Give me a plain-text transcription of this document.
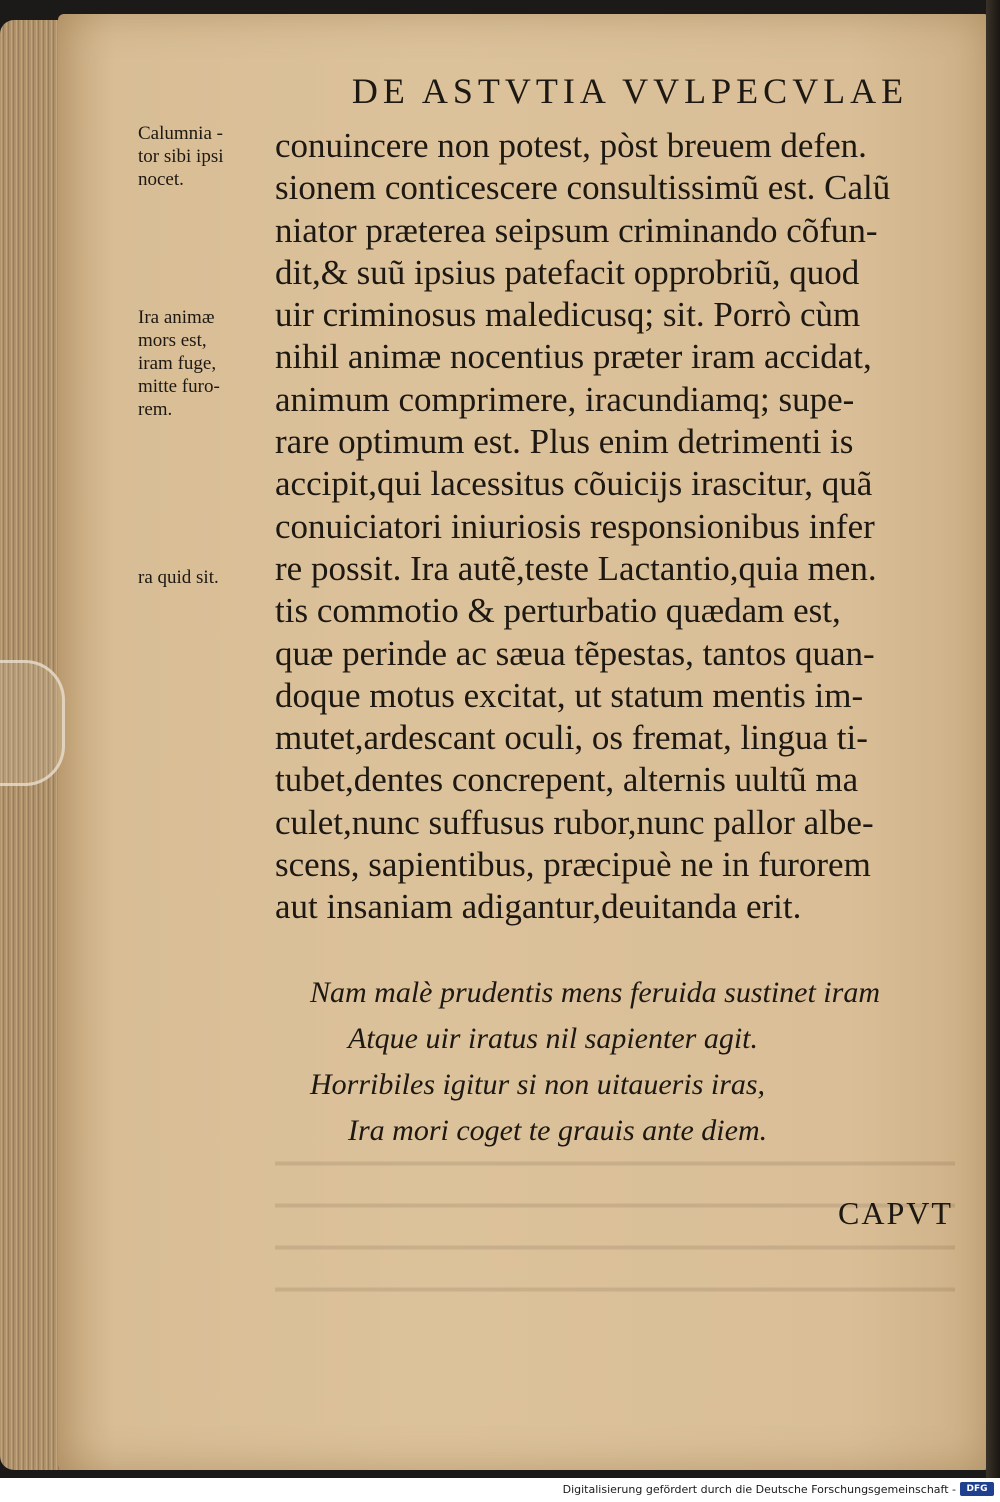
DE ASTVTIA VVLPECVLAE
Calumnia -
tor sibi ipsi
nocet.
Ira animæ
mors est,
iram fuge,
mitte furo-
rem.
ra quid sit.
conuincere non potest, pòst breuem defen.
sionem conticescere consultissimũ est. Calũ
niator præterea seipsum criminando cõfun-
dit,& suũ ipsius patefacit opprobriũ, quod
uir criminosus maledicusq; sit. Porrò cùm
nihil animæ nocentius præter iram accidat,
animum comprimere, iracundiamq; supe-
rare optimum est. Plus enim detrimenti is
accipit,qui lacessitus cõuicijs irascitur, quã
conuiciatori iniuriosis responsionibus infer
re possit. Ira autẽ,teste Lactantio,quia men.
tis commotio & perturbatio quædam est,
quæ perinde ac sæua tẽpestas, tantos quan-
doque motus excitat, ut statum mentis im-
mutet,ardescant oculi, os fremat, lingua ti-
tubet,dentes concrepent, alternis uultũ ma
culet,nunc suffusus rubor,nunc pallor albe-
scens, sapientibus, præcipuè ne in furorem
aut insaniam adigantur,deuitanda erit.
Nam malè prudentis mens feruida sustinet iram
Atque uir iratus nil sapienter agit.
Horribiles igitur si non uitaueris iras,
Ira mori coget te grauis ante diem.
CAPVT
Digitalisierung gefördert durch die Deutsche Forschungsgemeinschaft -	DFG
